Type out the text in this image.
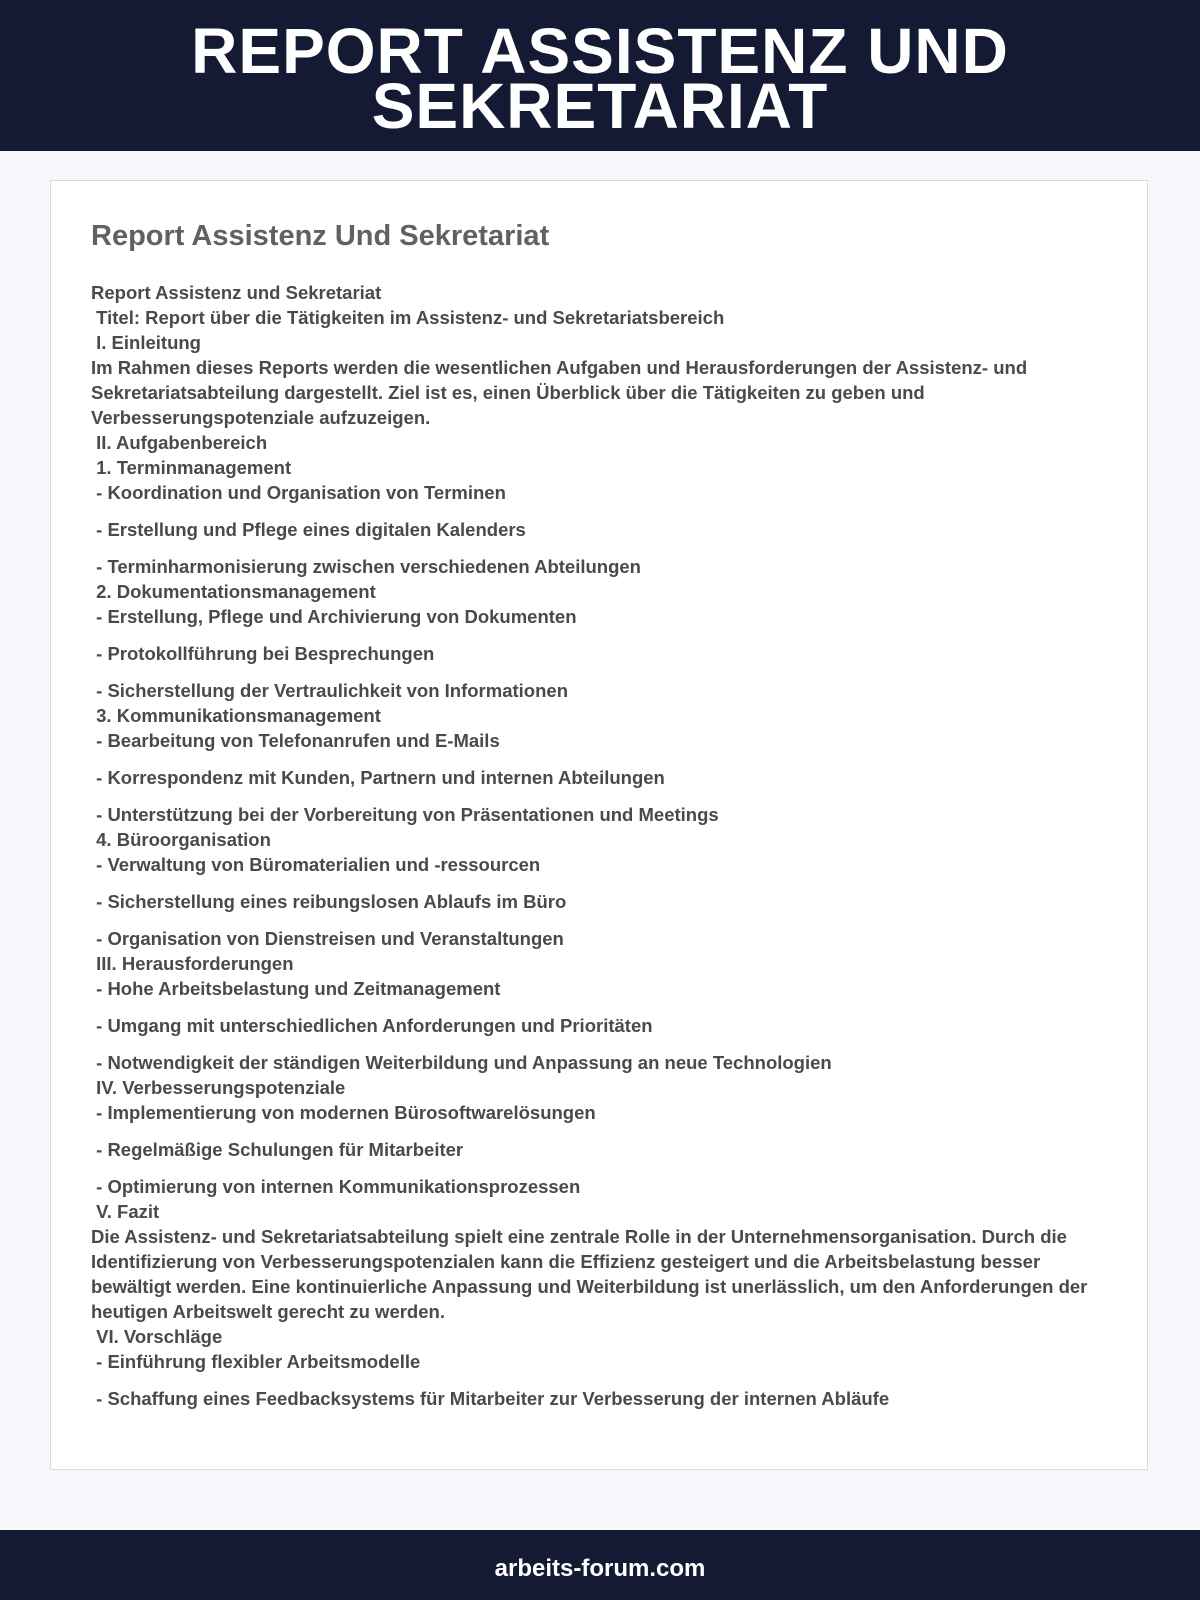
REPORT ASSISTENZ UND SEKRETARIAT
Report Assistenz Und Sekretariat
Report Assistenz und Sekretariat
Titel: Report über die Tätigkeiten im Assistenz- und Sekretariatsbereich
I. Einleitung
Im Rahmen dieses Reports werden die wesentlichen Aufgaben und Herausforderungen der Assistenz- und Sekretariatsabteilung dargestellt. Ziel ist es, einen Überblick über die Tätigkeiten zu geben und Verbesserungspotenziale aufzuzeigen.
II. Aufgabenbereich
1. Terminmanagement
- Koordination und Organisation von Terminen
- Erstellung und Pflege eines digitalen Kalenders
- Terminharmonisierung zwischen verschiedenen Abteilungen
2. Dokumentationsmanagement
- Erstellung, Pflege und Archivierung von Dokumenten
- Protokollführung bei Besprechungen
- Sicherstellung der Vertraulichkeit von Informationen
3. Kommunikationsmanagement
- Bearbeitung von Telefonanrufen und E-Mails
- Korrespondenz mit Kunden, Partnern und internen Abteilungen
- Unterstützung bei der Vorbereitung von Präsentationen und Meetings
4. Büroorganisation
- Verwaltung von Büromaterialien und -ressourcen
- Sicherstellung eines reibungslosen Ablaufs im Büro
- Organisation von Dienstreisen und Veranstaltungen
III. Herausforderungen
- Hohe Arbeitsbelastung und Zeitmanagement
- Umgang mit unterschiedlichen Anforderungen und Prioritäten
- Notwendigkeit der ständigen Weiterbildung und Anpassung an neue Technologien
IV. Verbesserungspotenziale
- Implementierung von modernen Bürosoftwarelösungen
- Regelmäßige Schulungen für Mitarbeiter
- Optimierung von internen Kommunikationsprozessen
V. Fazit
Die Assistenz- und Sekretariatsabteilung spielt eine zentrale Rolle in der Unternehmensorganisation. Durch die Identifizierung von Verbesserungspotenzialen kann die Effizienz gesteigert und die Arbeitsbelastung besser bewältigt werden. Eine kontinuierliche Anpassung und Weiterbildung ist unerlässlich, um den Anforderungen der heutigen Arbeitswelt gerecht zu werden.
VI. Vorschläge
- Einführung flexibler Arbeitsmodelle
- Schaffung eines Feedbacksystems für Mitarbeiter zur Verbesserung der internen Abläufe
arbeits-forum.com
